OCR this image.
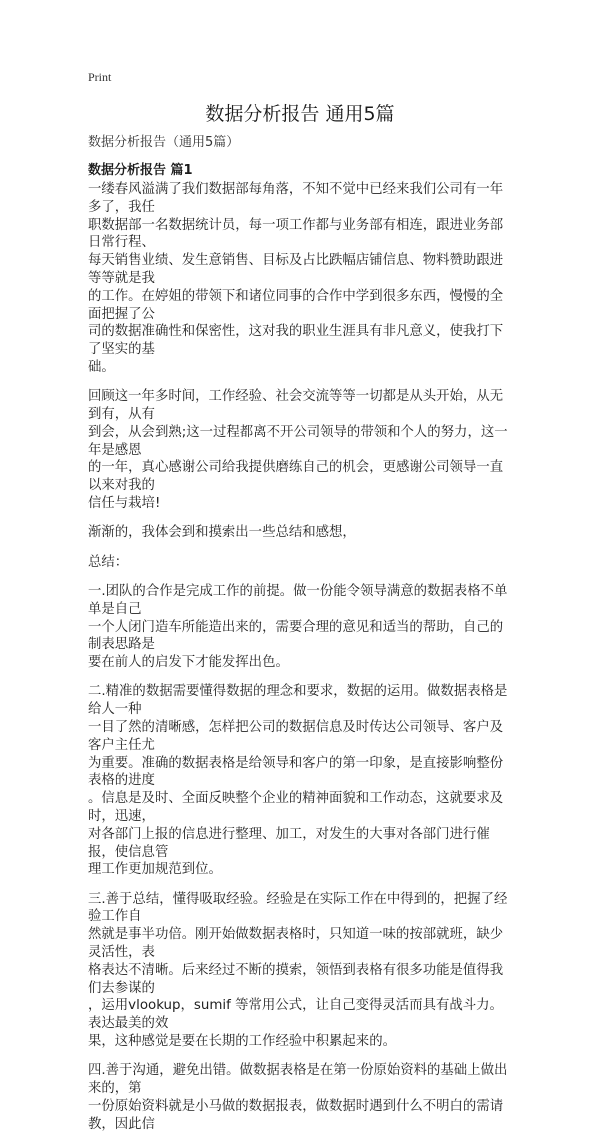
Print
数据分析报告 通用5篇
数据分析报告（通用5篇）
数据分析报告 篇1
一缕春风溢满了我们数据部每角落，不知不觉中已经来我们公司有一年多了，我任
职数据部一名数据统计员，每一项工作都与业务部有相连，跟进业务部日常行程、
每天销售业绩、发生意销售、目标及占比跌幅店铺信息、物料赞助跟进等等就是我
的工作。在婷姐的带领下和诸位同事的合作中学到很多东西，慢慢的全面把握了公
司的数据准确性和保密性，这对我的职业生涯具有非凡意义，使我打下了坚实的基
础。
回顾这一年多时间，工作经验、社会交流等等一切都是从头开始，从无到有，从有
到会，从会到熟;这一过程都离不开公司领导的带领和个人的努力，这一年是感恩
的一年，真心感谢公司给我提供磨练自己的机会，更感谢公司领导一直以来对我的
信任与栽培!
渐渐的，我体会到和摸索出一些总结和感想，
总结：
一.团队的合作是完成工作的前提。做一份能令领导满意的数据表格不单单是自己
一个人闭门造车所能造出来的，需要合理的意见和适当的帮助，自己的制表思路是
要在前人的启发下才能发挥出色。
二.精准的数据需要懂得数据的理念和要求，数据的运用。做数据表格是给人一种
一目了然的清晰感，怎样把公司的数据信息及时传达公司领导、客户及客户主任尤
为重要。准确的数据表格是给领导和客户的第一印象，是直接影响整份表格的进度
。信息是及时、全面反映整个企业的精神面貌和工作动态，这就要求及时，迅速，
对各部门上报的信息进行整理、加工，对发生的大事对各部门进行催报，使信息管
理工作更加规范到位。
三.善于总结，懂得吸取经验。经验是在实际工作在中得到的，把握了经验工作自
然就是事半功倍。刚开始做数据表格时，只知道一味的按部就班，缺少灵活性，表
格表达不清晰。后来经过不断的摸索，领悟到表格有很多功能是值得我们去参谋的
，运用vlookup，sumif 等常用公式，让自己变得灵活而具有战斗力。表达最美的效
果，这种感觉是要在长期的工作经验中积累起来的。
四.善于沟通，避免出错。做数据表格是在第一份原始资料的基础上做出来的，第
一份原始资料就是小马做的数据报表，做数据时遇到什么不明白的需请教，因此信
